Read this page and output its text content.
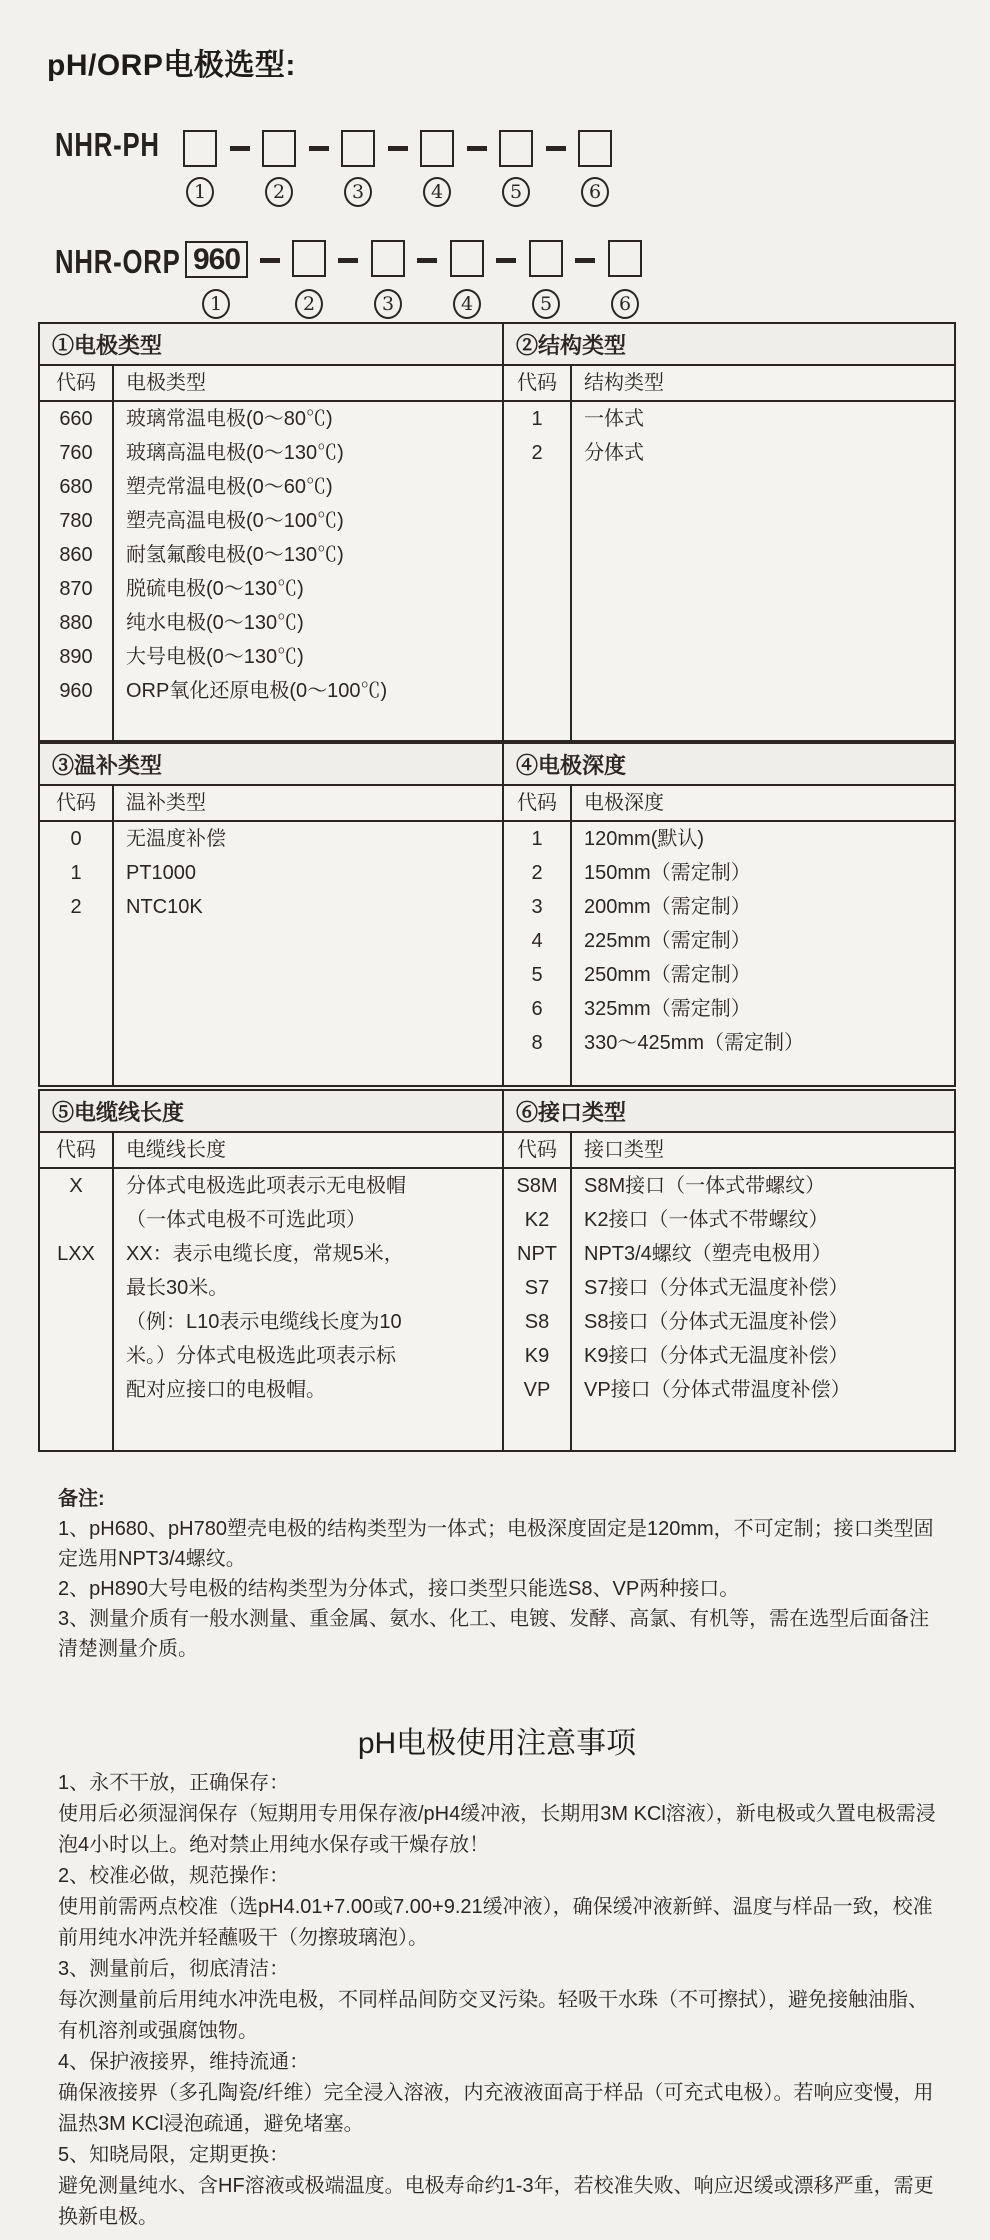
pH/ORP电极选型:
NHR-PH
1	2	3	4	5	6
NHR-ORP 960
1	2	3	4	5	6
①电极类型
代码	电极类型
660	玻璃常温电极(0～80℃)
760	玻璃高温电极(0～130℃)
680	塑壳常温电极(0～60℃)
780	塑壳高温电极(0～100℃)
860	耐氢氟酸电极(0～130℃)
870	脱硫电极(0～130℃)
880	纯水电极(0～130℃)
890	大号电极(0～130℃)
960	ORP氧化还原电极(0～100℃)
②结构类型
代码	结构类型
1	一体式
2	分体式
③温补类型
代码	温补类型
0	无温度补偿
1	PT1000
2	NTC10K
④电极深度
代码	电极深度
1	120mm(默认)
2	150mm（需定制）
3	200mm（需定制）
4	225mm（需定制）
5	250mm（需定制）
6	325mm（需定制）
8	330～425mm（需定制）
⑤电缆线长度
代码	电缆线长度
X	分体式电极选此项表示无电极帽
（一体式电极不可选此项）
LXX	XX：表示电缆长度，常规5米，
最长30米。
（例：L10表示电缆线长度为10
米。）分体式电极选此项表示标
配对应接口的电极帽。
⑥接口类型
代码	接口类型
S8M	S8M接口（一体式带螺纹）
K2	K2接口（一体式不带螺纹）
NPT	NPT3/4螺纹（塑壳电极用）
S7	S7接口（分体式无温度补偿）
S8	S8接口（分体式无温度补偿）
K9	K9接口（分体式无温度补偿）
VP	VP接口（分体式带温度补偿）
备注:
1、pH680、pH780塑壳电极的结构类型为一体式；电极深度固定是120mm，不可定制；接口类型固定选用NPT3/4螺纹。
2、pH890大号电极的结构类型为分体式，接口类型只能选S8、VP两种接口。
3、测量介质有一般水测量、重金属、氨水、化工、电镀、发酵、高氯、有机等，需在选型后面备注清楚测量介质。
pH电极使用注意事项
1、永不干放，正确保存：
使用后必须湿润保存（短期用专用保存液/pH4缓冲液，长期用3M KCl溶液），新电极或久置电极需浸泡4小时以上。绝对禁止用纯水保存或干燥存放！
2、校准必做，规范操作：
使用前需两点校准（选pH4.01+7.00或7.00+9.21缓冲液），确保缓冲液新鲜、温度与样品一致，校准前用纯水冲洗并轻蘸吸干（勿擦玻璃泡）。
3、测量前后，彻底清洁：
每次测量前后用纯水冲洗电极，不同样品间防交叉污染。轻吸干水珠（不可擦拭），避免接触油脂、有机溶剂或强腐蚀物。
4、保护液接界，维持流通：
确保液接界（多孔陶瓷/纤维）完全浸入溶液，内充液液面高于样品（可充式电极）。若响应变慢，用温热3M KCl浸泡疏通，避免堵塞。
5、知晓局限，定期更换：
避免测量纯水、含HF溶液或极端温度。电极寿命约1-3年，若校准失败、响应迟缓或漂移严重，需更换新电极。
